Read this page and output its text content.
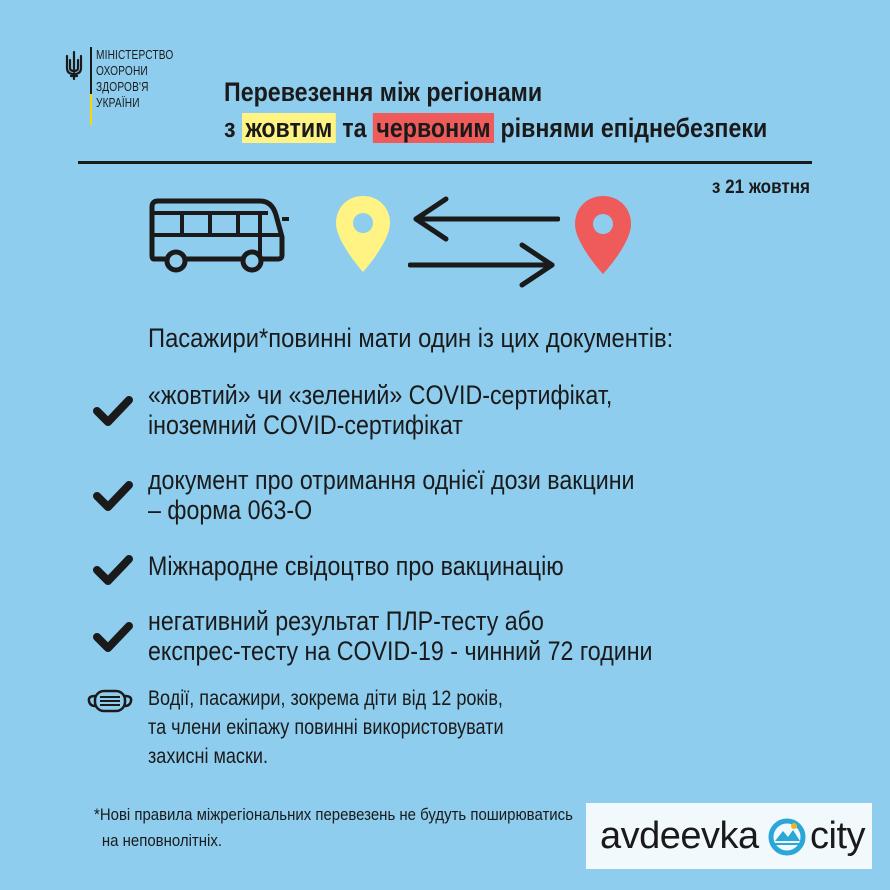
МІНІСТЕРСТВО
ОХОРОНИ
ЗДОРОВ'Я
УКРАЇНИ	Перевезення між регіонами
з жовтим та червоним рівнями епіднебезпеки
з 21 жовтня
Пасажири*повинні мати один із цих документів:
«жовтий» чи «зелений» COVID-сертифікат,
іноземний COVID-сертифікат
документ про отримання однієї дози вакцини
– форма 063-О
Міжнародне свідоцтво про вакцинацію
негативний результат ПЛР-тесту або
експрес-тесту на COVID-19 - чинний 72 години
Водії, пасажири, зокрема діти від 12 років,
та члени екіпажу повинні використовувати
захисні маски.
*Нові правила міжрегіональних перевезень не будуть поширюватись
на неповнолітніх.	avdeevka city
